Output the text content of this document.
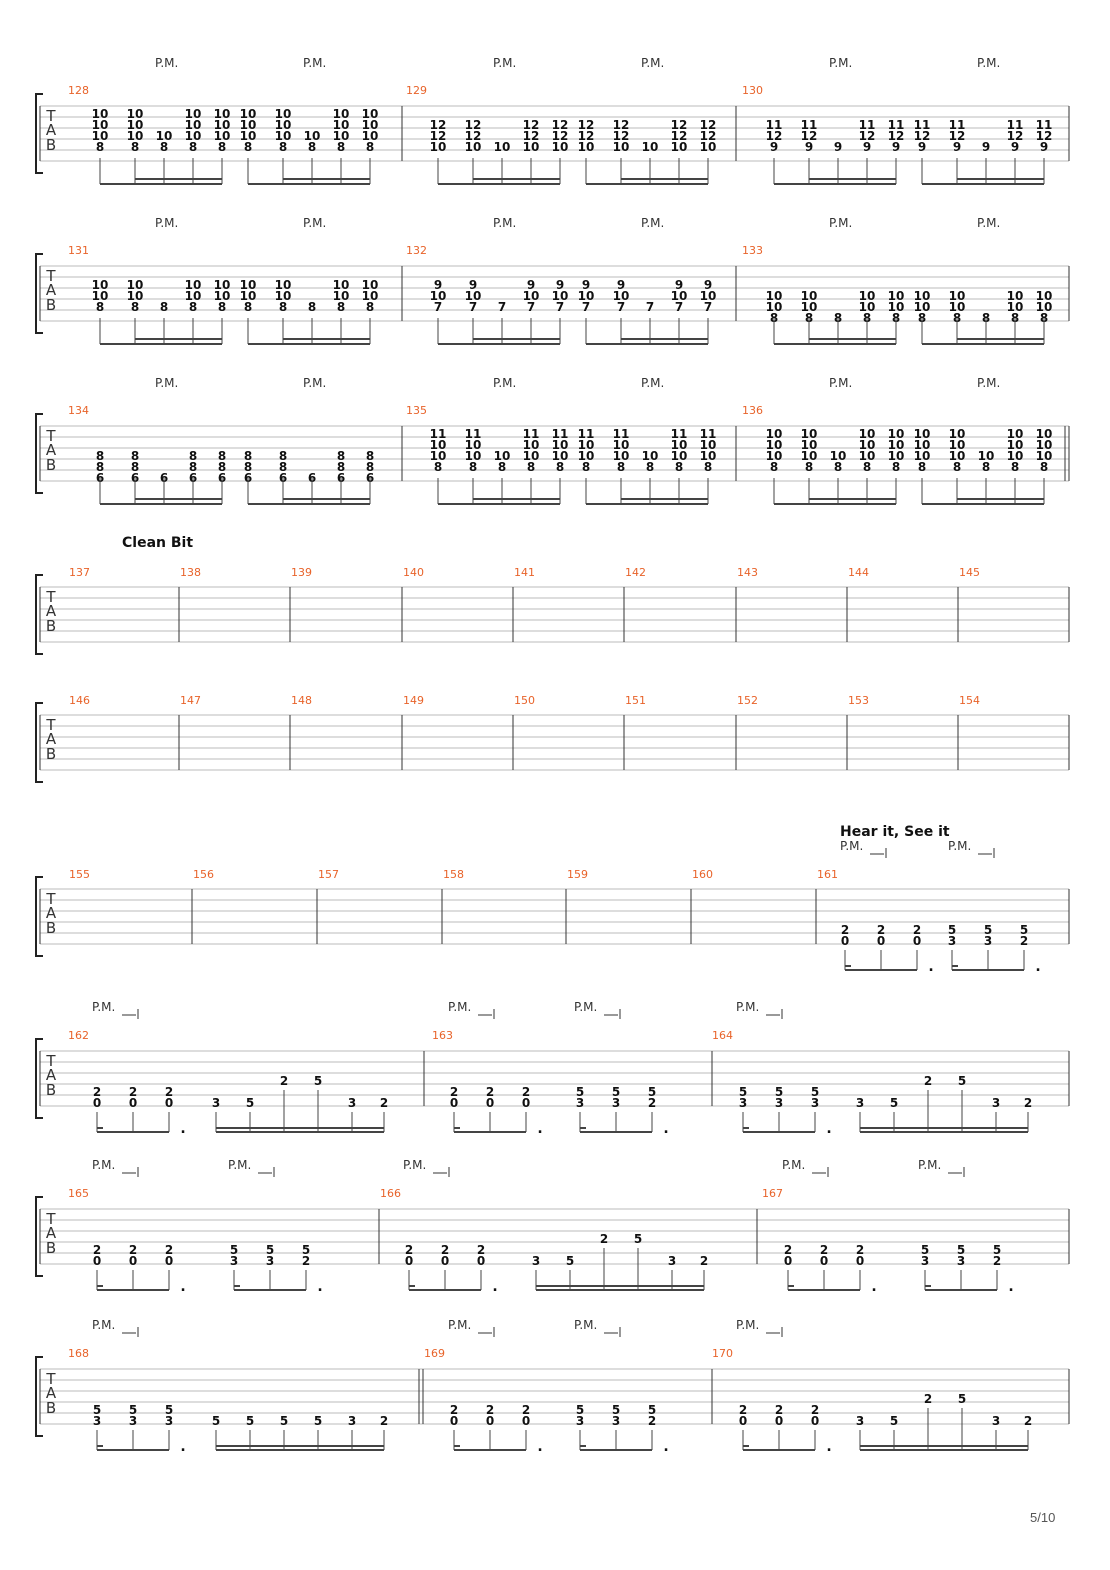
T
A
B
128
P.M.	P.M.
10
10
10
8
10
10
10
8
10
8
10
10
10
8
10
10
10
8
10
10
10
8
10
10
10
8
10
8
10
10
10
8
10
10
10
8
129
P.M.	P.M.
12
12
10
12
12
10 10
12
12
10
12
12
10
12
12
10
12
12
10 10
12
12
10
12
12
10
130
P.M.	P.M.
11
12
9
11
12
9 9
11
12
9
11
12
9
11
12
9
11
12
9 9
11
12
9
11
12
9
T
A
B
131
P.M.	P.M.
10
10
8
10
10
8 8
10
10
8
10
10
8
10
10
8
10
10
8 8
10
10
8
10
10
8
132
P.M.	P.M.
9
10
7
9
10
7 7
9
10
7
9
10
7
9
10
7
9
10
7 7
9
10
7
9
10
7
133
P.M.	P.M.
10
10
8
10
10
8 8
10
10
8
10
10
8
10
10
8
10
10
8 8
10
10
8
10
10
8
T
A
B
134
P.M.	P.M.
8
8
6
8
8
6 6
8
8
6
8
8
6
8
8
6
8
8
6 6
8
8
6
8
8
6
135
P.M.	P.M.
11
10
10
8
11
10
10
8
10
8
11
10
10
8
11
10
10
8
11
10
10
8
11
10
10
8
10
8
11
10
10
8
11
10
10
8
136
P.M.	P.M.
10
10
10
8
10
10
10
8
10
8
10
10
10
8
10
10
10
8
10
10
10
8
10
10
10
8
10
8
10
10
10
8
10
10
10
8
Clean Bit
T
A
B
137	138	139	140	141	142	143	144	145
T
A
B
146	147	148	149	150	151	152	153	154
T
A
B
155	156	157	158	159	160	161
Hear it, See it
P.M.	P.M.
2
0
2
0
2
0
.
5
3
5
3
5
2
.
T
A
B
162	163	164
P.M.	P.M.	P.M.	P.M.
2
0
2
0
2
0
.
3 5
2 5
3 2
2
0
2
0
2
0
.
5
3
5
3
5
2
.
5
3
5
3
5
3
.
3 5
2 5
3 2
T
A
B
165	166	167
P.M.	P.M.	P.M.	P.M.	P.M.
2
0
2
0
2
0
.
5
3
5
3
5
2
.
2
0
2
0
2
0
.
3 5
2 5
3 2
2
0
2
0
2
0
.
5
3
5
3
5
2
.
T
A
B
168	169	170
P.M.	P.M.	P.M.	P.M.
5
3
5
3
5
3
.
5 5 5 5 3 2
2
0
2
0
2
0
.
5
3
5
3
5
2
.
2
0
2
0
2
0
.
3 5
2 5
3 2
5/10
